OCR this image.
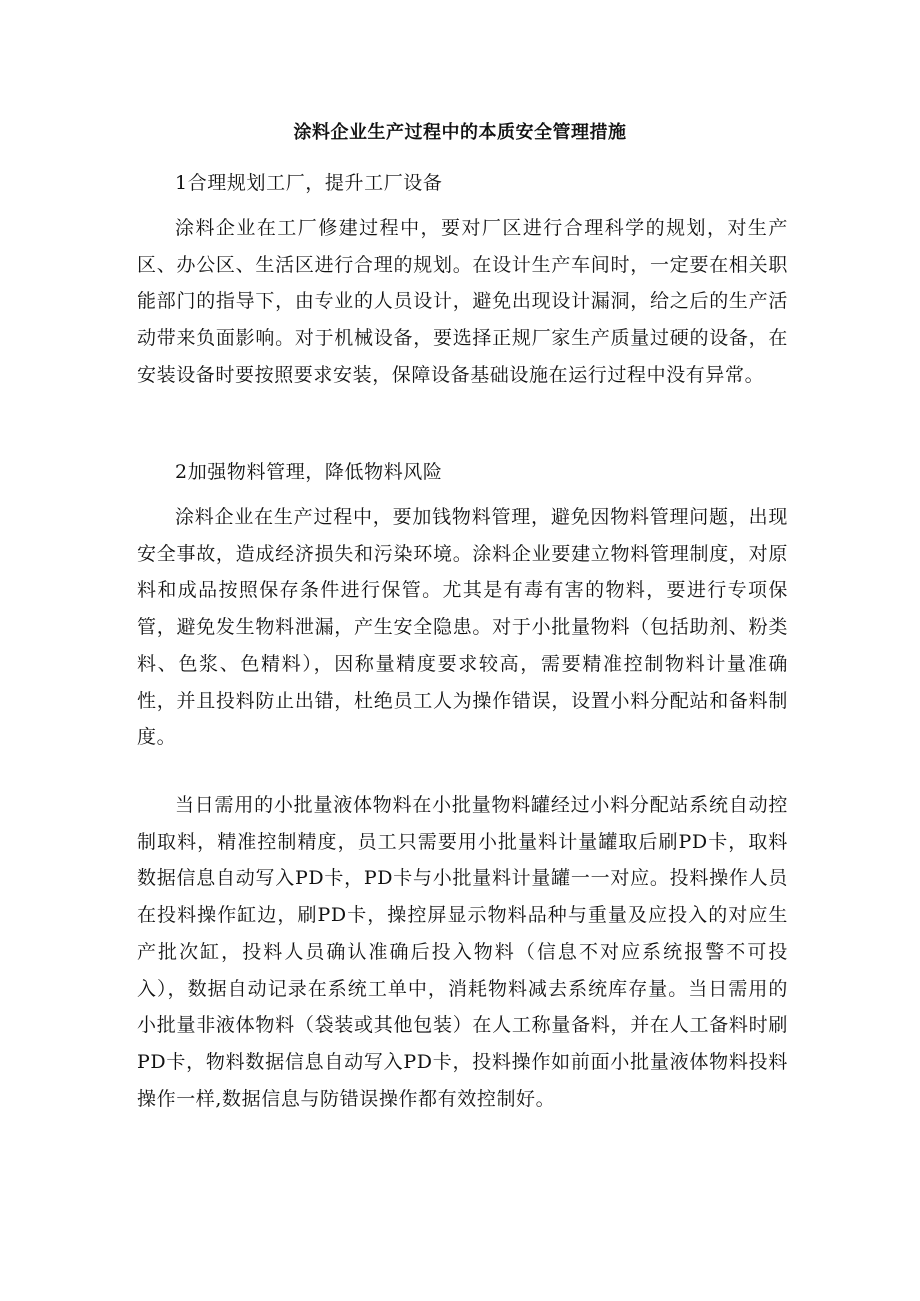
涂料企业生产过程中的本质安全管理措施

1合理规划工厂，提升工厂设备

涂料企业在工厂修建过程中，要对厂区进行合理科学的规划，对生产区、办公区、生活区进行合理的规划。在设计生产车间时，一定要在相关职能部门的指导下，由专业的人员设计，避免出现设计漏洞，给之后的生产活动带来负面影响。对于机械设备，要选择正规厂家生产质量过硬的设备，在安装设备时要按照要求安装，保障设备基础设施在运行过程中没有异常。

2加强物料管理，降低物料风险

涂料企业在生产过程中，要加钱物料管理，避免因物料管理问题，出现安全事故，造成经济损失和污染环境。涂料企业要建立物料管理制度，对原料和成品按照保存条件进行保管。尤其是有毒有害的物料，要进行专项保管，避免发生物料泄漏，产生安全隐患。对于小批量物料（包括助剂、粉类料、色浆、色精料），因称量精度要求较高，需要精准控制物料计量准确性，并且投料防止出错，杜绝员工人为操作错误，设置小料分配站和备料制度。

当日需用的小批量液体物料在小批量物料罐经过小料分配站系统自动控制取料，精准控制精度，员工只需要用小批量料计量罐取后刷PD卡，取料数据信息自动写入PD卡，PD卡与小批量料计量罐一一对应。投料操作人员在投料操作缸边，刷PD卡，操控屏显示物料品种与重量及应投入的对应生产批次缸，投料人员确认准确后投入物料（信息不对应系统报警不可投入），数据自动记录在系统工单中，消耗物料减去系统库存量。当日需用的小批量非液体物料（袋装或其他包装）在人工称量备料，并在人工备料时刷PD卡，物料数据信息自动写入PD卡，投料操作如前面小批量液体物料投料操作一样,数据信息与防错误操作都有效控制好。
